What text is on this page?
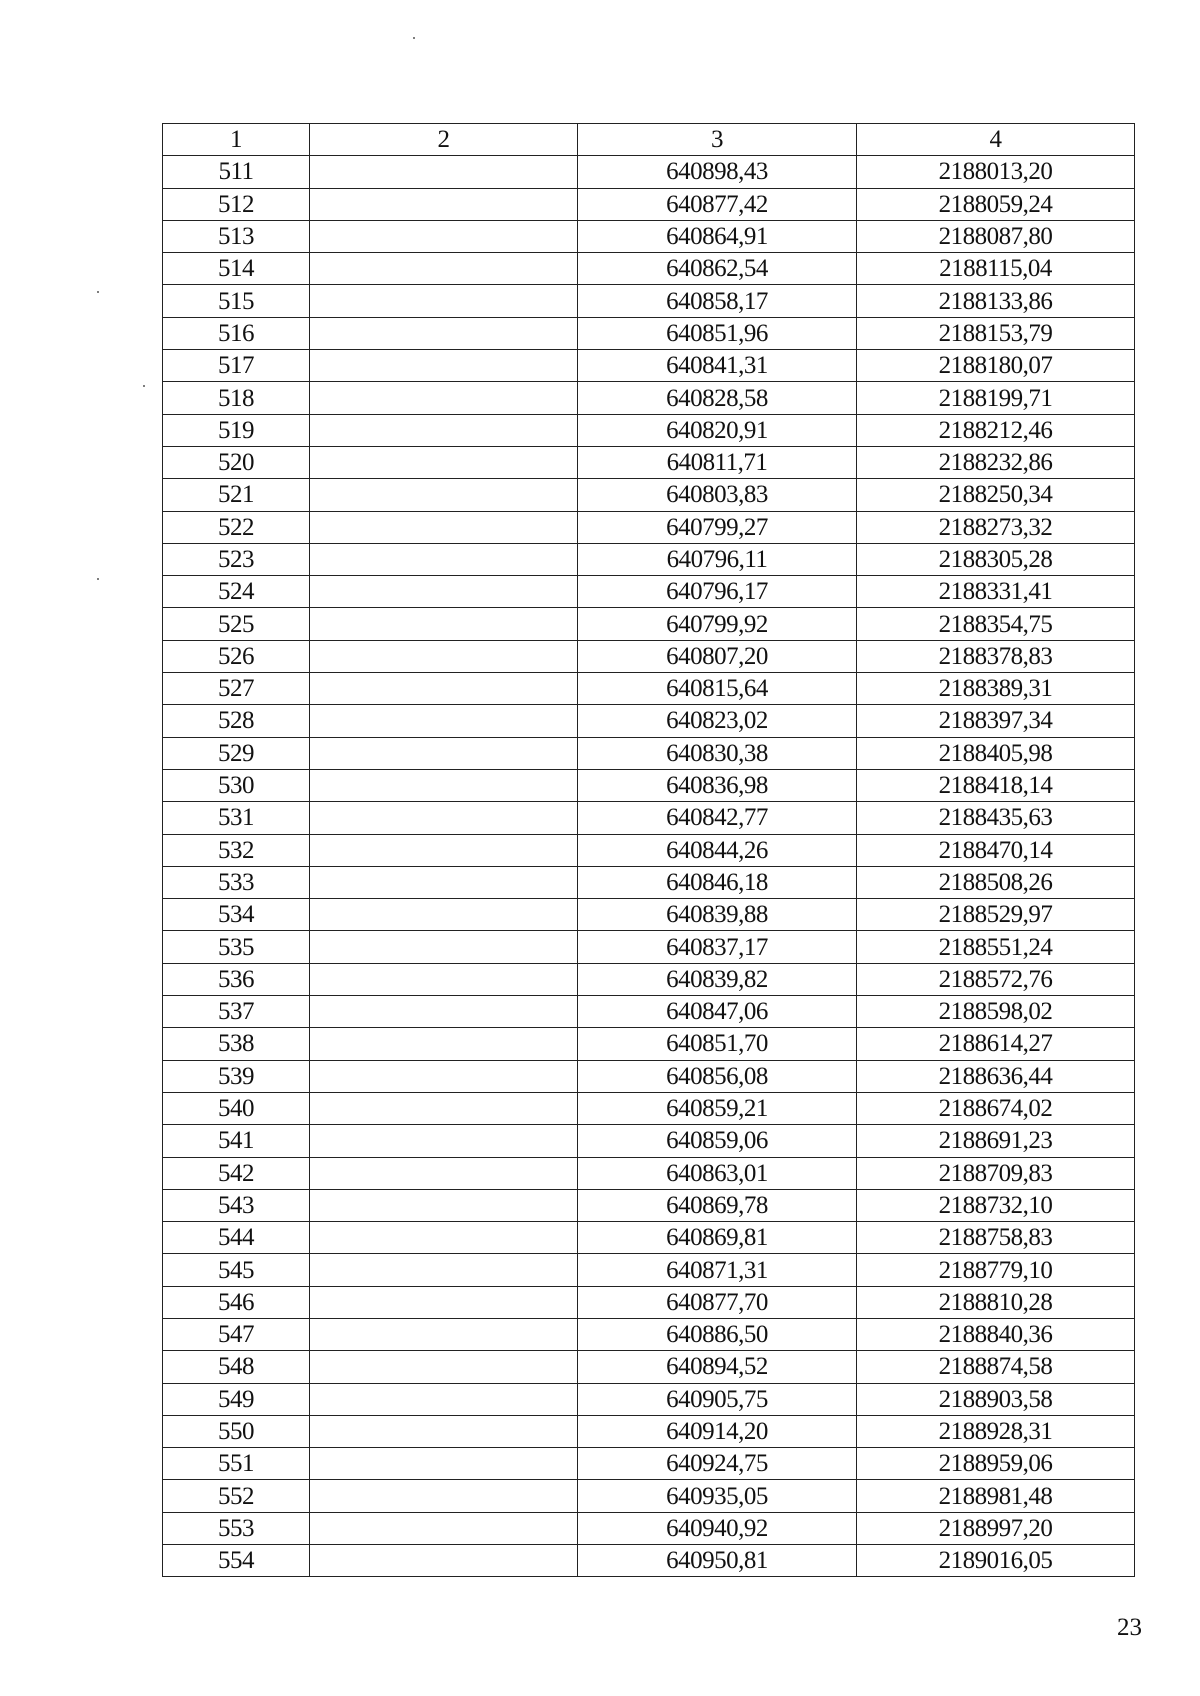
1	2	3	4
511		640898,43	2188013,20
512		640877,42	2188059,24
513		640864,91	2188087,80
514		640862,54	2188115,04
515		640858,17	2188133,86
516		640851,96	2188153,79
517		640841,31	2188180,07
518		640828,58	2188199,71
519		640820,91	2188212,46
520		640811,71	2188232,86
521		640803,83	2188250,34
522		640799,27	2188273,32
523		640796,11	2188305,28
524		640796,17	2188331,41
525		640799,92	2188354,75
526		640807,20	2188378,83
527		640815,64	2188389,31
528		640823,02	2188397,34
529		640830,38	2188405,98
530		640836,98	2188418,14
531		640842,77	2188435,63
532		640844,26	2188470,14
533		640846,18	2188508,26
534		640839,88	2188529,97
535		640837,17	2188551,24
536		640839,82	2188572,76
537		640847,06	2188598,02
538		640851,70	2188614,27
539		640856,08	2188636,44
540		640859,21	2188674,02
541		640859,06	2188691,23
542		640863,01	2188709,83
543		640869,78	2188732,10
544		640869,81	2188758,83
545		640871,31	2188779,10
546		640877,70	2188810,28
547		640886,50	2188840,36
548		640894,52	2188874,58
549		640905,75	2188903,58
550		640914,20	2188928,31
551		640924,75	2188959,06
552		640935,05	2188981,48
553		640940,92	2188997,20
554		640950,81	2189016,05
23
